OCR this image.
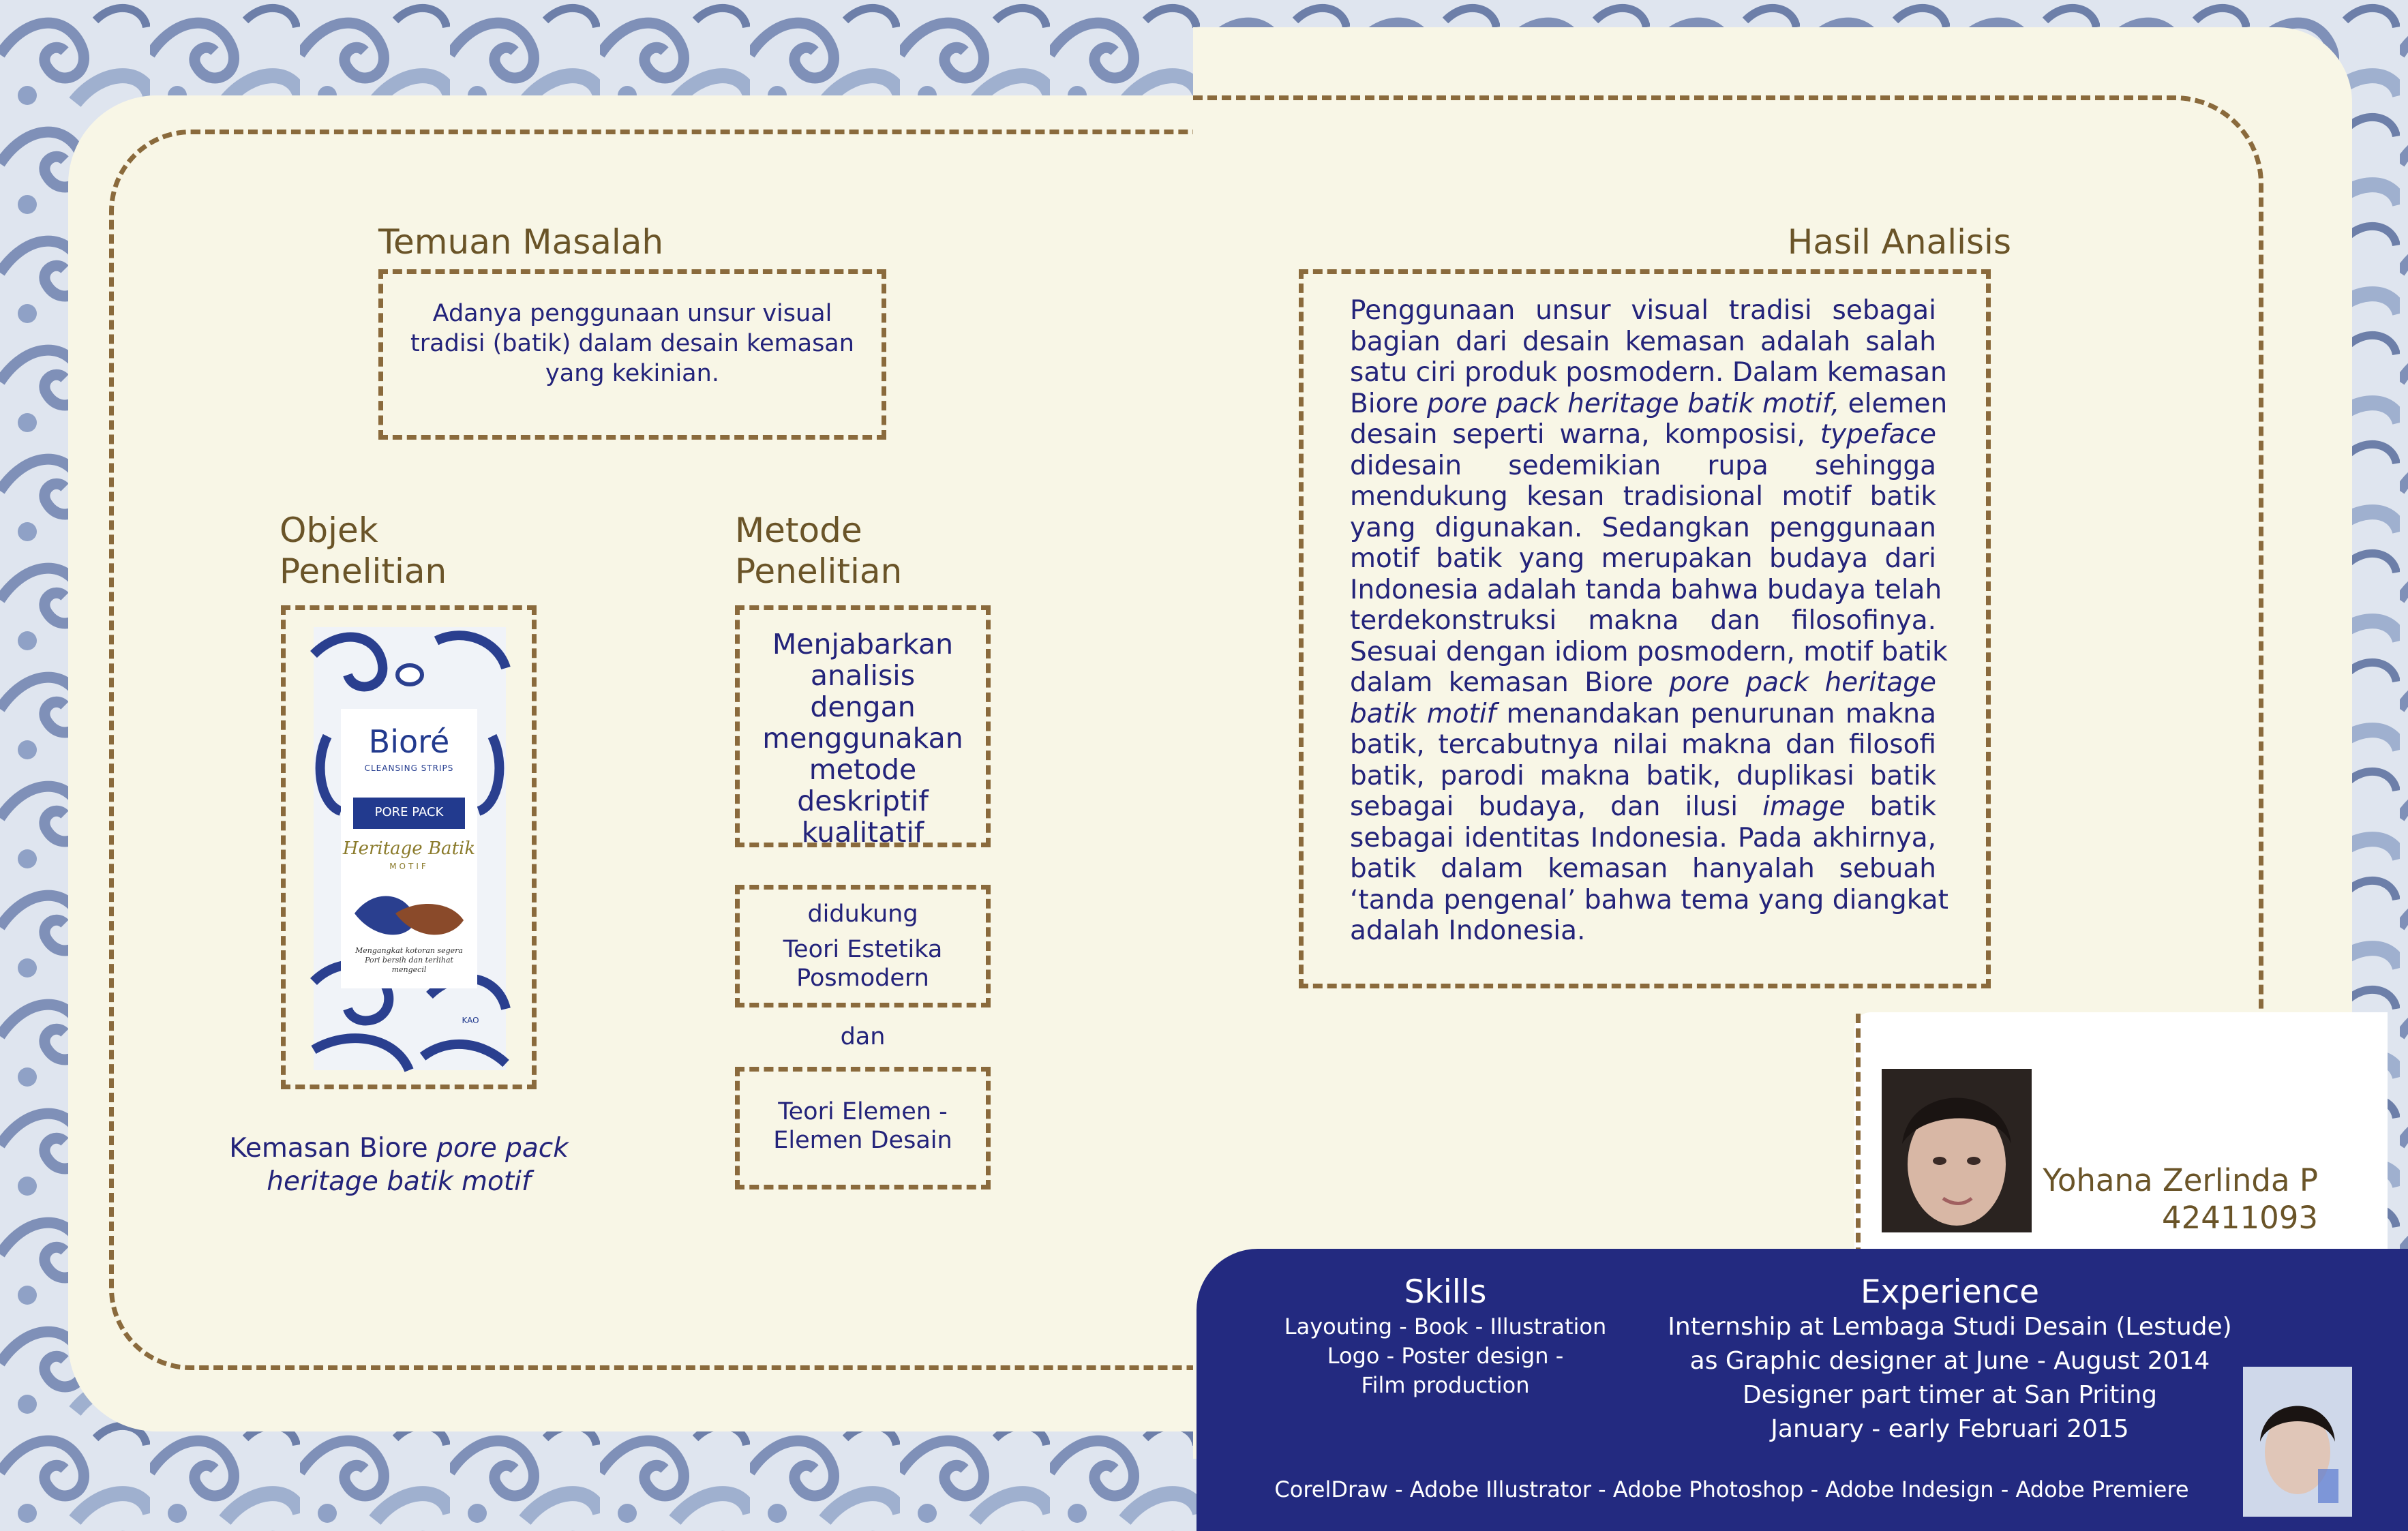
Temuan Masalah
Adanya penggunaan unsur visual tradisi (batik) dalam desain kemasan yang kekinian.
Objek
Penelitian
Bioré
CLEANSING STRIPS
PORE PACK
Heritage Batik
MOTIF
Mengangkat kotoran segera Pori bersih dan terlihat mengecil
KAO
Kemasan Biore pore pack
heritage batik motif
Metode
Penelitian
Menjabarkan analisis dengan menggunakan metode deskriptif kualitatif
didukung
Teori Estetika Posmodern
dan
Teori Elemen - Elemen Desain
Hasil Analisis
Penggunaan unsur visual tradisi sebagai
bagian dari desain kemasan adalah salah
satu ciri produk posmodern. Dalam kemasan
Biore pore pack heritage batik motif, elemen
desain seperti warna, komposisi, typeface
didesain sedemikian rupa sehingga
mendukung kesan tradisional motif batik
yang digunakan. Sedangkan penggunaan
motif batik yang merupakan budaya dari
Indonesia adalah tanda bahwa budaya telah
terdekonstruksi makna dan filosofinya.
Sesuai dengan idiom posmodern, motif batik
dalam kemasan Biore pore pack heritage
batik motif menandakan penurunan makna
batik, tercabutnya nilai makna dan filosofi
batik, parodi makna batik, duplikasi batik
sebagai budaya, dan ilusi image batik
sebagai identitas Indonesia. Pada akhirnya,
batik dalam kemasan hanyalah sebuah
‘tanda pengenal’ bahwa tema yang diangkat
adalah Indonesia.
Yohana Zerlinda P
42411093
Skills
Layouting - Book - Illustration
Logo - Poster design -
Film production
Experience
Internship at Lembaga Studi Desain (Lestude)
as Graphic designer at June - August 2014
Designer part timer at San Priting
January - early Februari 2015
CorelDraw - Adobe Illustrator - Adobe Photoshop - Adobe Indesign - Adobe Premiere
